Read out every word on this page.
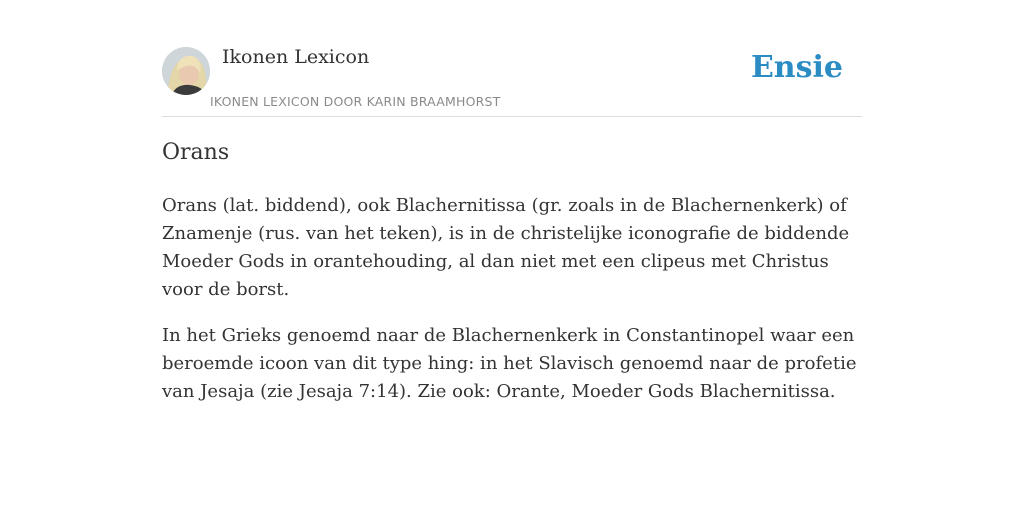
Ikonen Lexicon
IKONEN LEXICON DOOR KARIN BRAAMHORST
Ensie
Orans

Orans (lat. biddend), ook Blachernitissa (gr. zoals in de Blachernenkerk) of Znamenje (rus. van het teken), is in de christelijke iconografie de biddende Moeder Gods in orantehouding, al dan niet met een clipeus met Christus voor de borst.

In het Grieks genoemd naar de Blachernenkerk in Constantinopel waar een beroemde icoon van dit type hing: in het Slavisch genoemd naar de profetie van Jesaja (zie Jesaja 7:14). Zie ook: Orante, Moeder Gods Blachernitissa.
